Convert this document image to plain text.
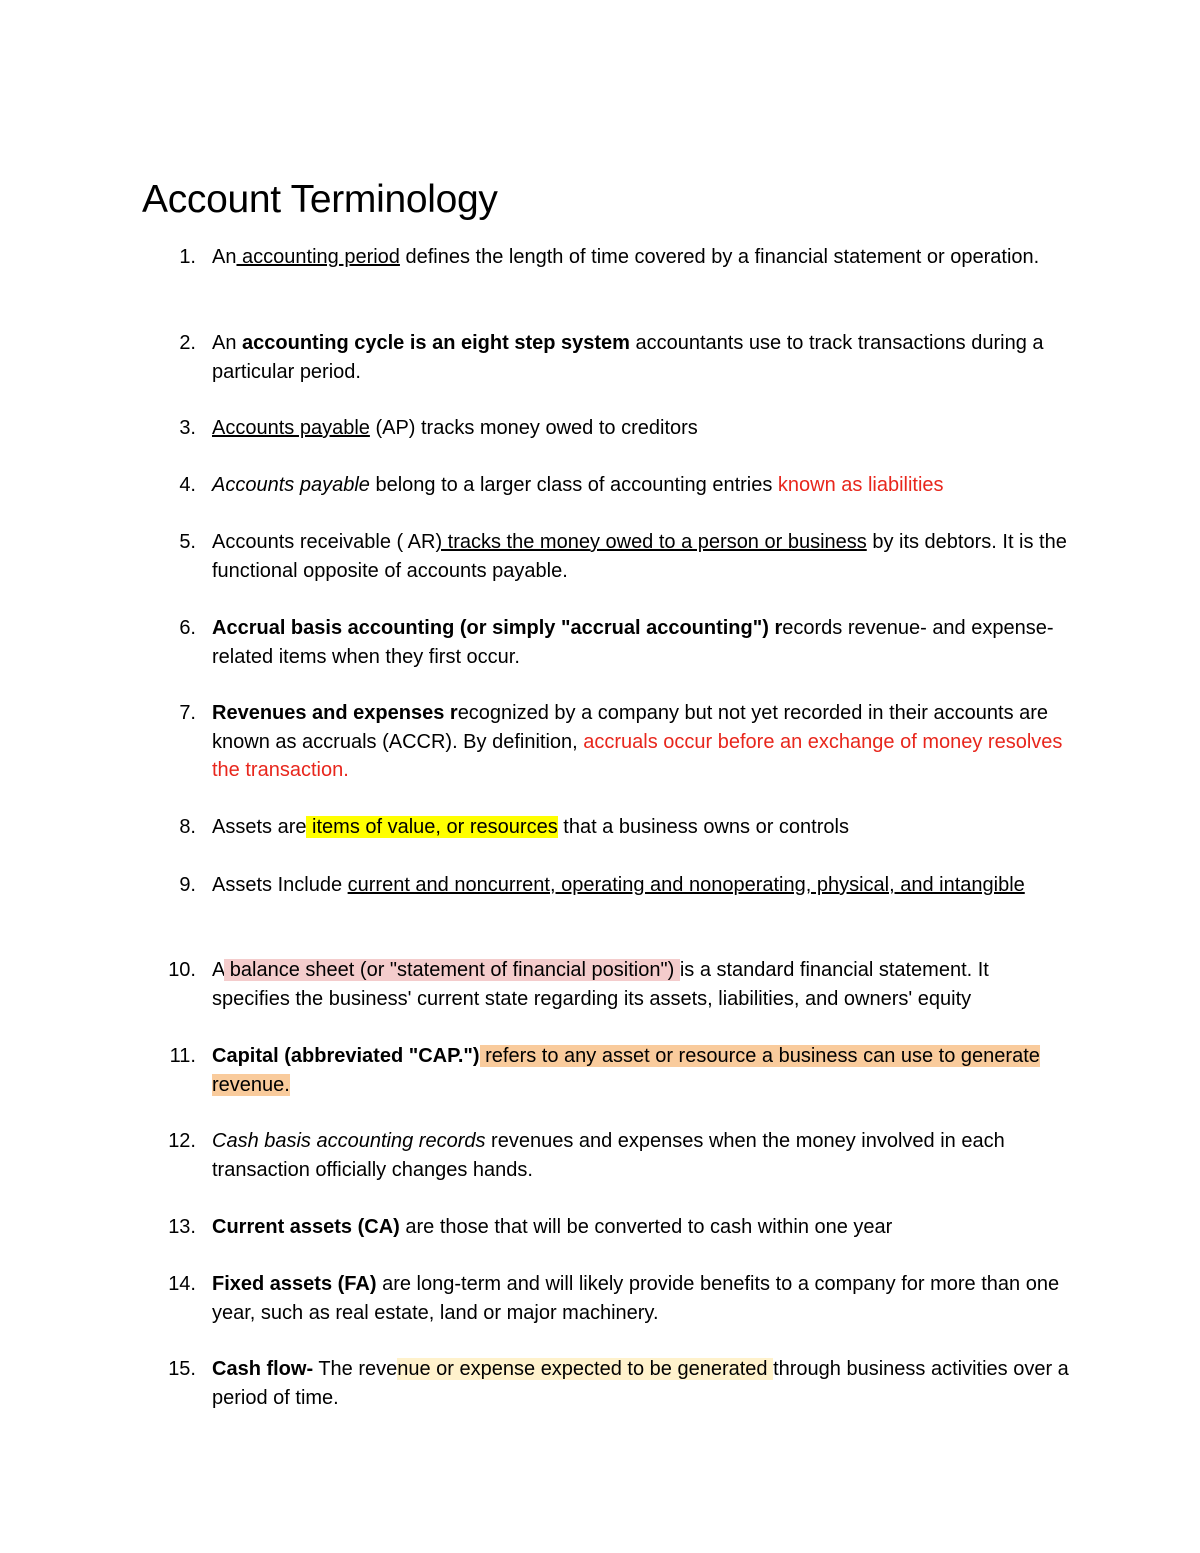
Account Terminology
1. An accounting period defines the length of time covered by a financial statement or operation.
2. An accounting cycle is an eight step system accountants use to track transactions during a particular period.
3. Accounts payable (AP) tracks money owed to creditors
4. Accounts payable belong to a larger class of accounting entries known as liabilities
5. Accounts receivable ( AR) tracks the money owed to a person or business by its debtors. It is the functional opposite of accounts payable.
6. Accrual basis accounting (or simply "accrual accounting") records revenue- and expense-related items when they first occur.
7. Revenues and expenses recognized by a company but not yet recorded in their accounts are known as accruals (ACCR). By definition, accruals occur before an exchange of money resolves the transaction.
8. Assets are items of value, or resources that a business owns or controls
9. Assets Include current and noncurrent, operating and nonoperating, physical, and intangible
10. A balance sheet (or "statement of financial position") is a standard financial statement. It specifies the business' current state regarding its assets, liabilities, and owners' equity
11. Capital (abbreviated "CAP.") refers to any asset or resource a business can use to generate revenue.
12. Cash basis accounting records revenues and expenses when the money involved in each transaction officially changes hands.
13. Current assets (CA) are those that will be converted to cash within one year
14. Fixed assets (FA) are long-term and will likely provide benefits to a company for more than one year, such as real estate, land or major machinery.
15. Cash flow- The revenue or expense expected to be generated through business activities over a period of time.
